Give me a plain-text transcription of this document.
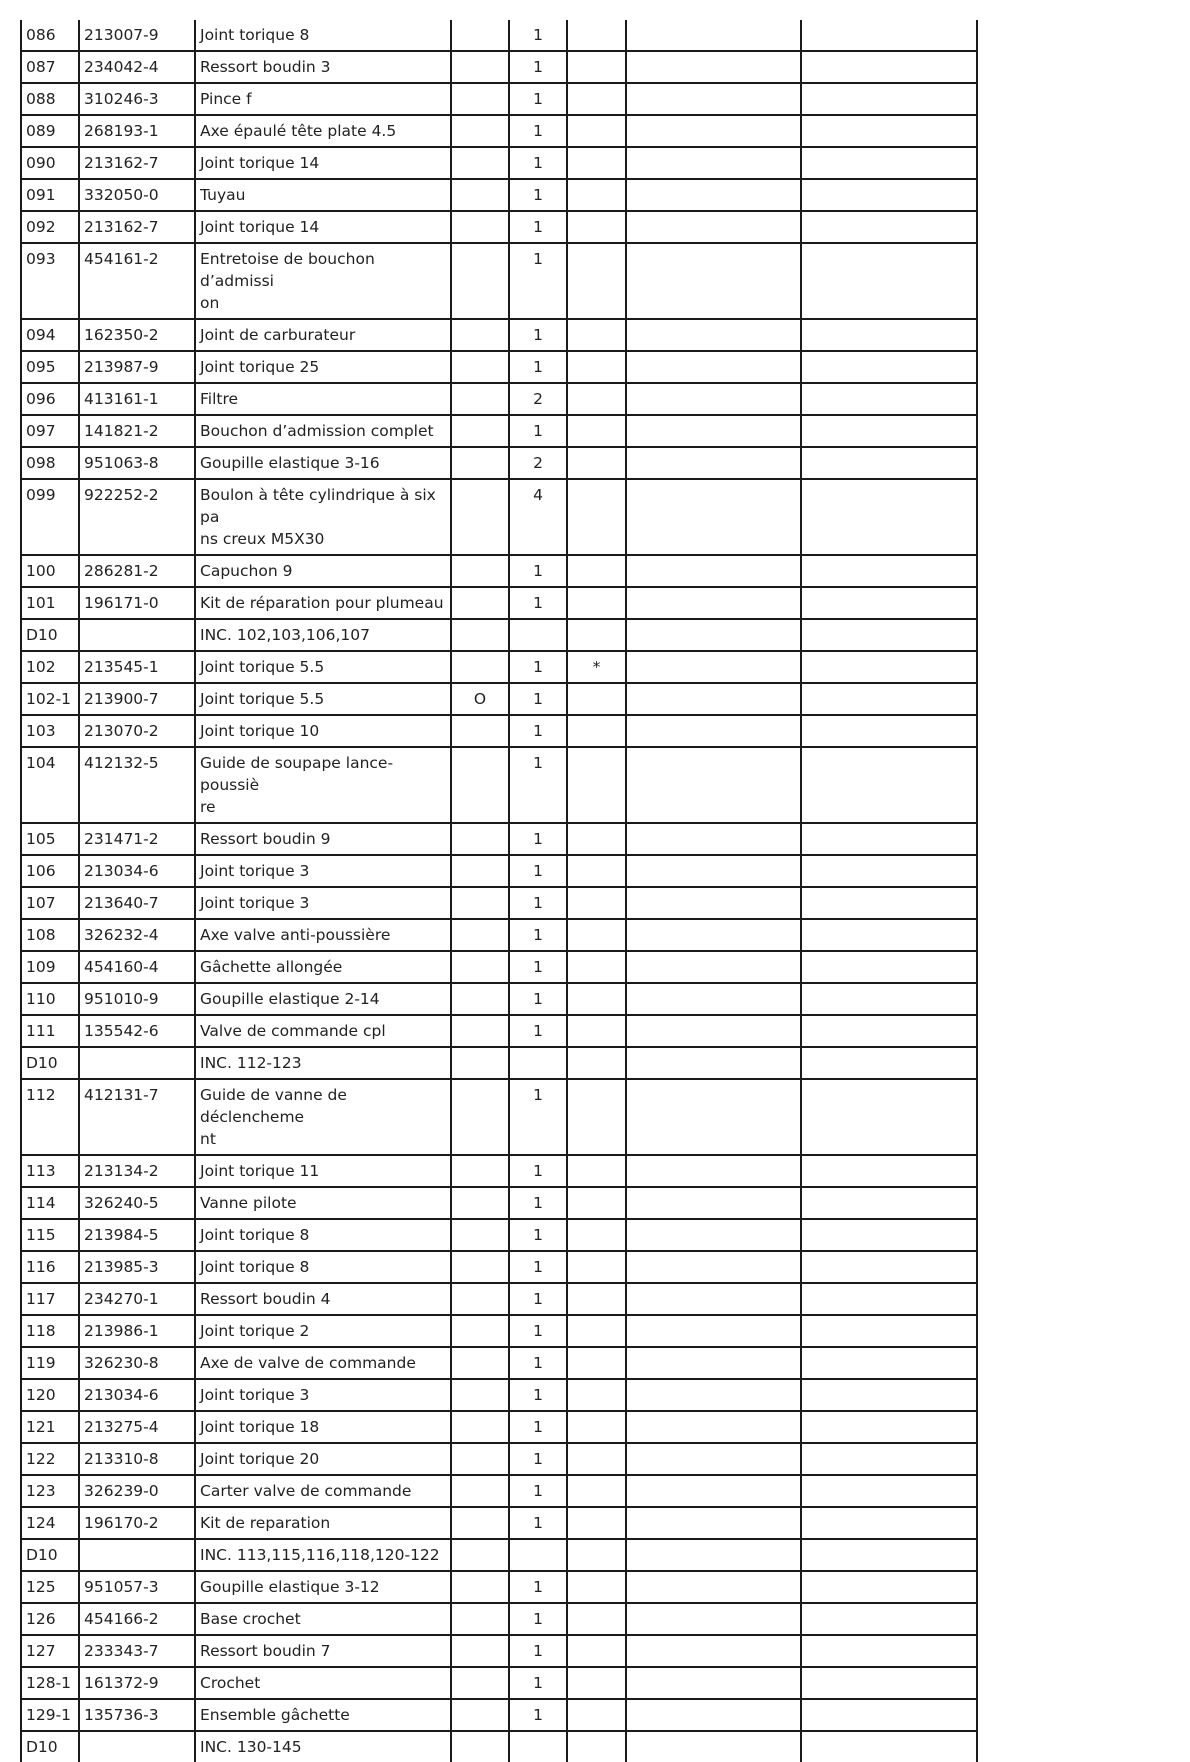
086	213007-9	Joint torique 8		1			
087	234042-4	Ressort boudin 3		1			
088	310246-3	Pince f		1			
089	268193-1	Axe épaulé tête plate 4.5		1			
090	213162-7	Joint torique 14		1			
091	332050-0	Tuyau		1			
092	213162-7	Joint torique 14		1			
093	454161-2	Entretoise de bouchon d’admissi
on		1			
094	162350-2	Joint de carburateur		1			
095	213987-9	Joint torique 25		1			
096	413161-1	Filtre		2			
097	141821-2	Bouchon d’admission complet		1			
098	951063-8	Goupille elastique 3-16		2			
099	922252-2	Boulon à tête cylindrique à six pa
ns creux M5X30		4			
100	286281-2	Capuchon 9		1			
101	196171-0	Kit de réparation pour plumeau		1			
D10		INC. 102,103,106,107					
102	213545-1	Joint torique 5.5		1	*		
102-1	213900-7	Joint torique 5.5	O	1			
103	213070-2	Joint torique 10		1			
104	412132-5	Guide de soupape lance-poussiè
re		1			
105	231471-2	Ressort boudin 9		1			
106	213034-6	Joint torique 3		1			
107	213640-7	Joint torique 3		1			
108	326232-4	Axe valve anti-poussière		1			
109	454160-4	Gâchette allongée		1			
110	951010-9	Goupille elastique 2-14		1			
111	135542-6	Valve de commande cpl		1			
D10		INC. 112-123					
112	412131-7	Guide de vanne de déclencheme
nt		1			
113	213134-2	Joint torique 11		1			
114	326240-5	Vanne pilote		1			
115	213984-5	Joint torique 8		1			
116	213985-3	Joint torique 8		1			
117	234270-1	Ressort boudin 4		1			
118	213986-1	Joint torique 2		1			
119	326230-8	Axe de valve de commande		1			
120	213034-6	Joint torique 3		1			
121	213275-4	Joint torique 18		1			
122	213310-8	Joint torique 20		1			
123	326239-0	Carter valve de commande		1			
124	196170-2	Kit de reparation		1			
D10		INC. 113,115,116,118,120-122					
125	951057-3	Goupille elastique 3-12		1			
126	454166-2	Base crochet		1			
127	233343-7	Ressort boudin 7		1			
128-1	161372-9	Crochet		1			
129-1	135736-3	Ensemble gâchette		1			
D10		INC. 130-145					
